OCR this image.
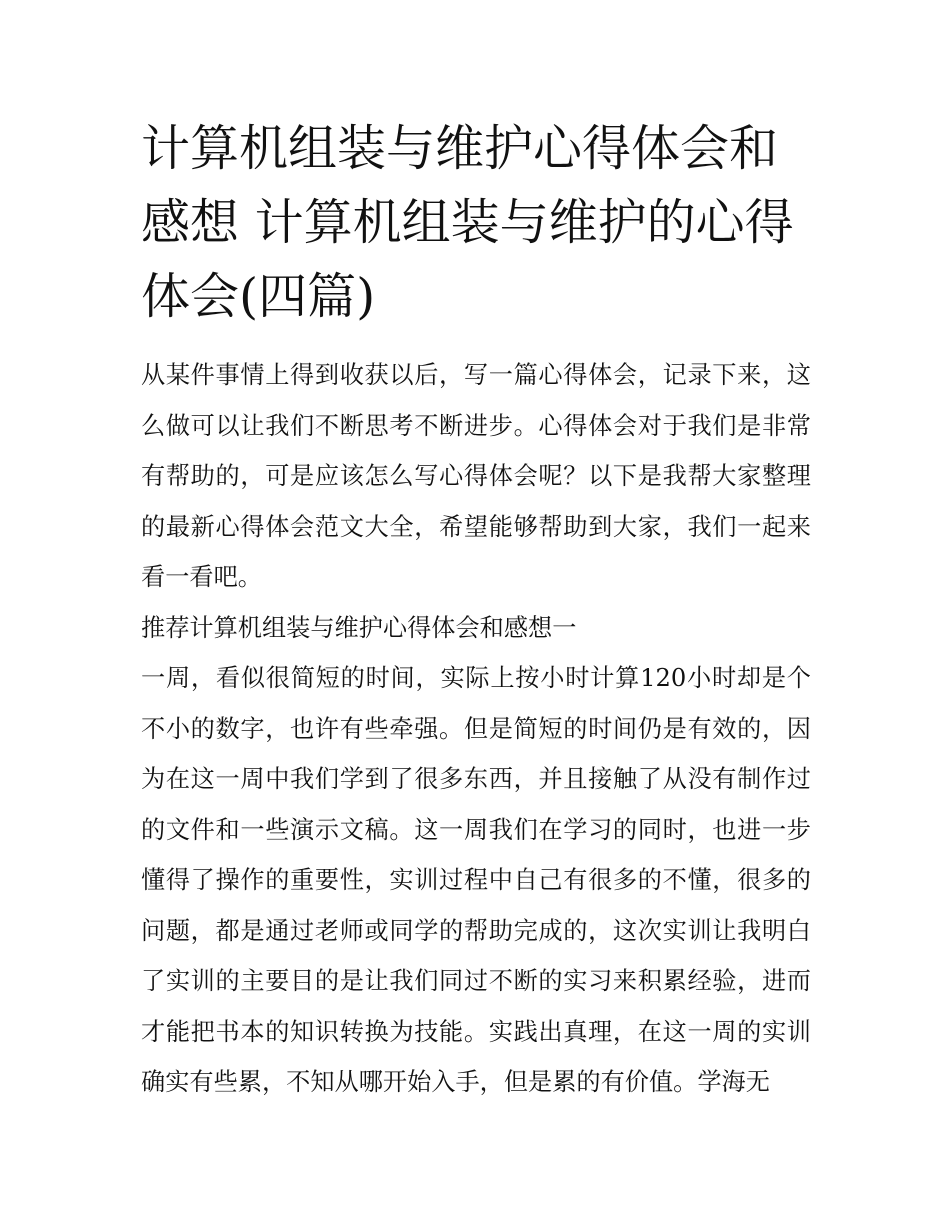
计算机组装与维护心得体会和感想 计算机组装与维护的心得体会(四篇)

从某件事情上得到收获以后，写一篇心得体会，记录下来，这么做可以让我们不断思考不断进步。心得体会对于我们是非常有帮助的，可是应该怎么写心得体会呢？以下是我帮大家整理的最新心得体会范文大全，希望能够帮助到大家，我们一起来看一看吧。

推荐计算机组装与维护心得体会和感想一

一周，看似很简短的时间，实际上按小时计算120小时却是个不小的数字，也许有些牵强。但是简短的时间仍是有效的，因为在这一周中我们学到了很多东西，并且接触了从没有制作过的文件和一些演示文稿。这一周我们在学习的同时，也进一步懂得了操作的重要性，实训过程中自己有很多的不懂，很多的问题，都是通过老师或同学的帮助完成的，这次实训让我明白了实训的主要目的是让我们同过不断的实习来积累经验，进而才能把书本的知识转换为技能。实践出真理，在这一周的实训确实有些累，不知从哪开始入手，但是累的有价值。学海无
